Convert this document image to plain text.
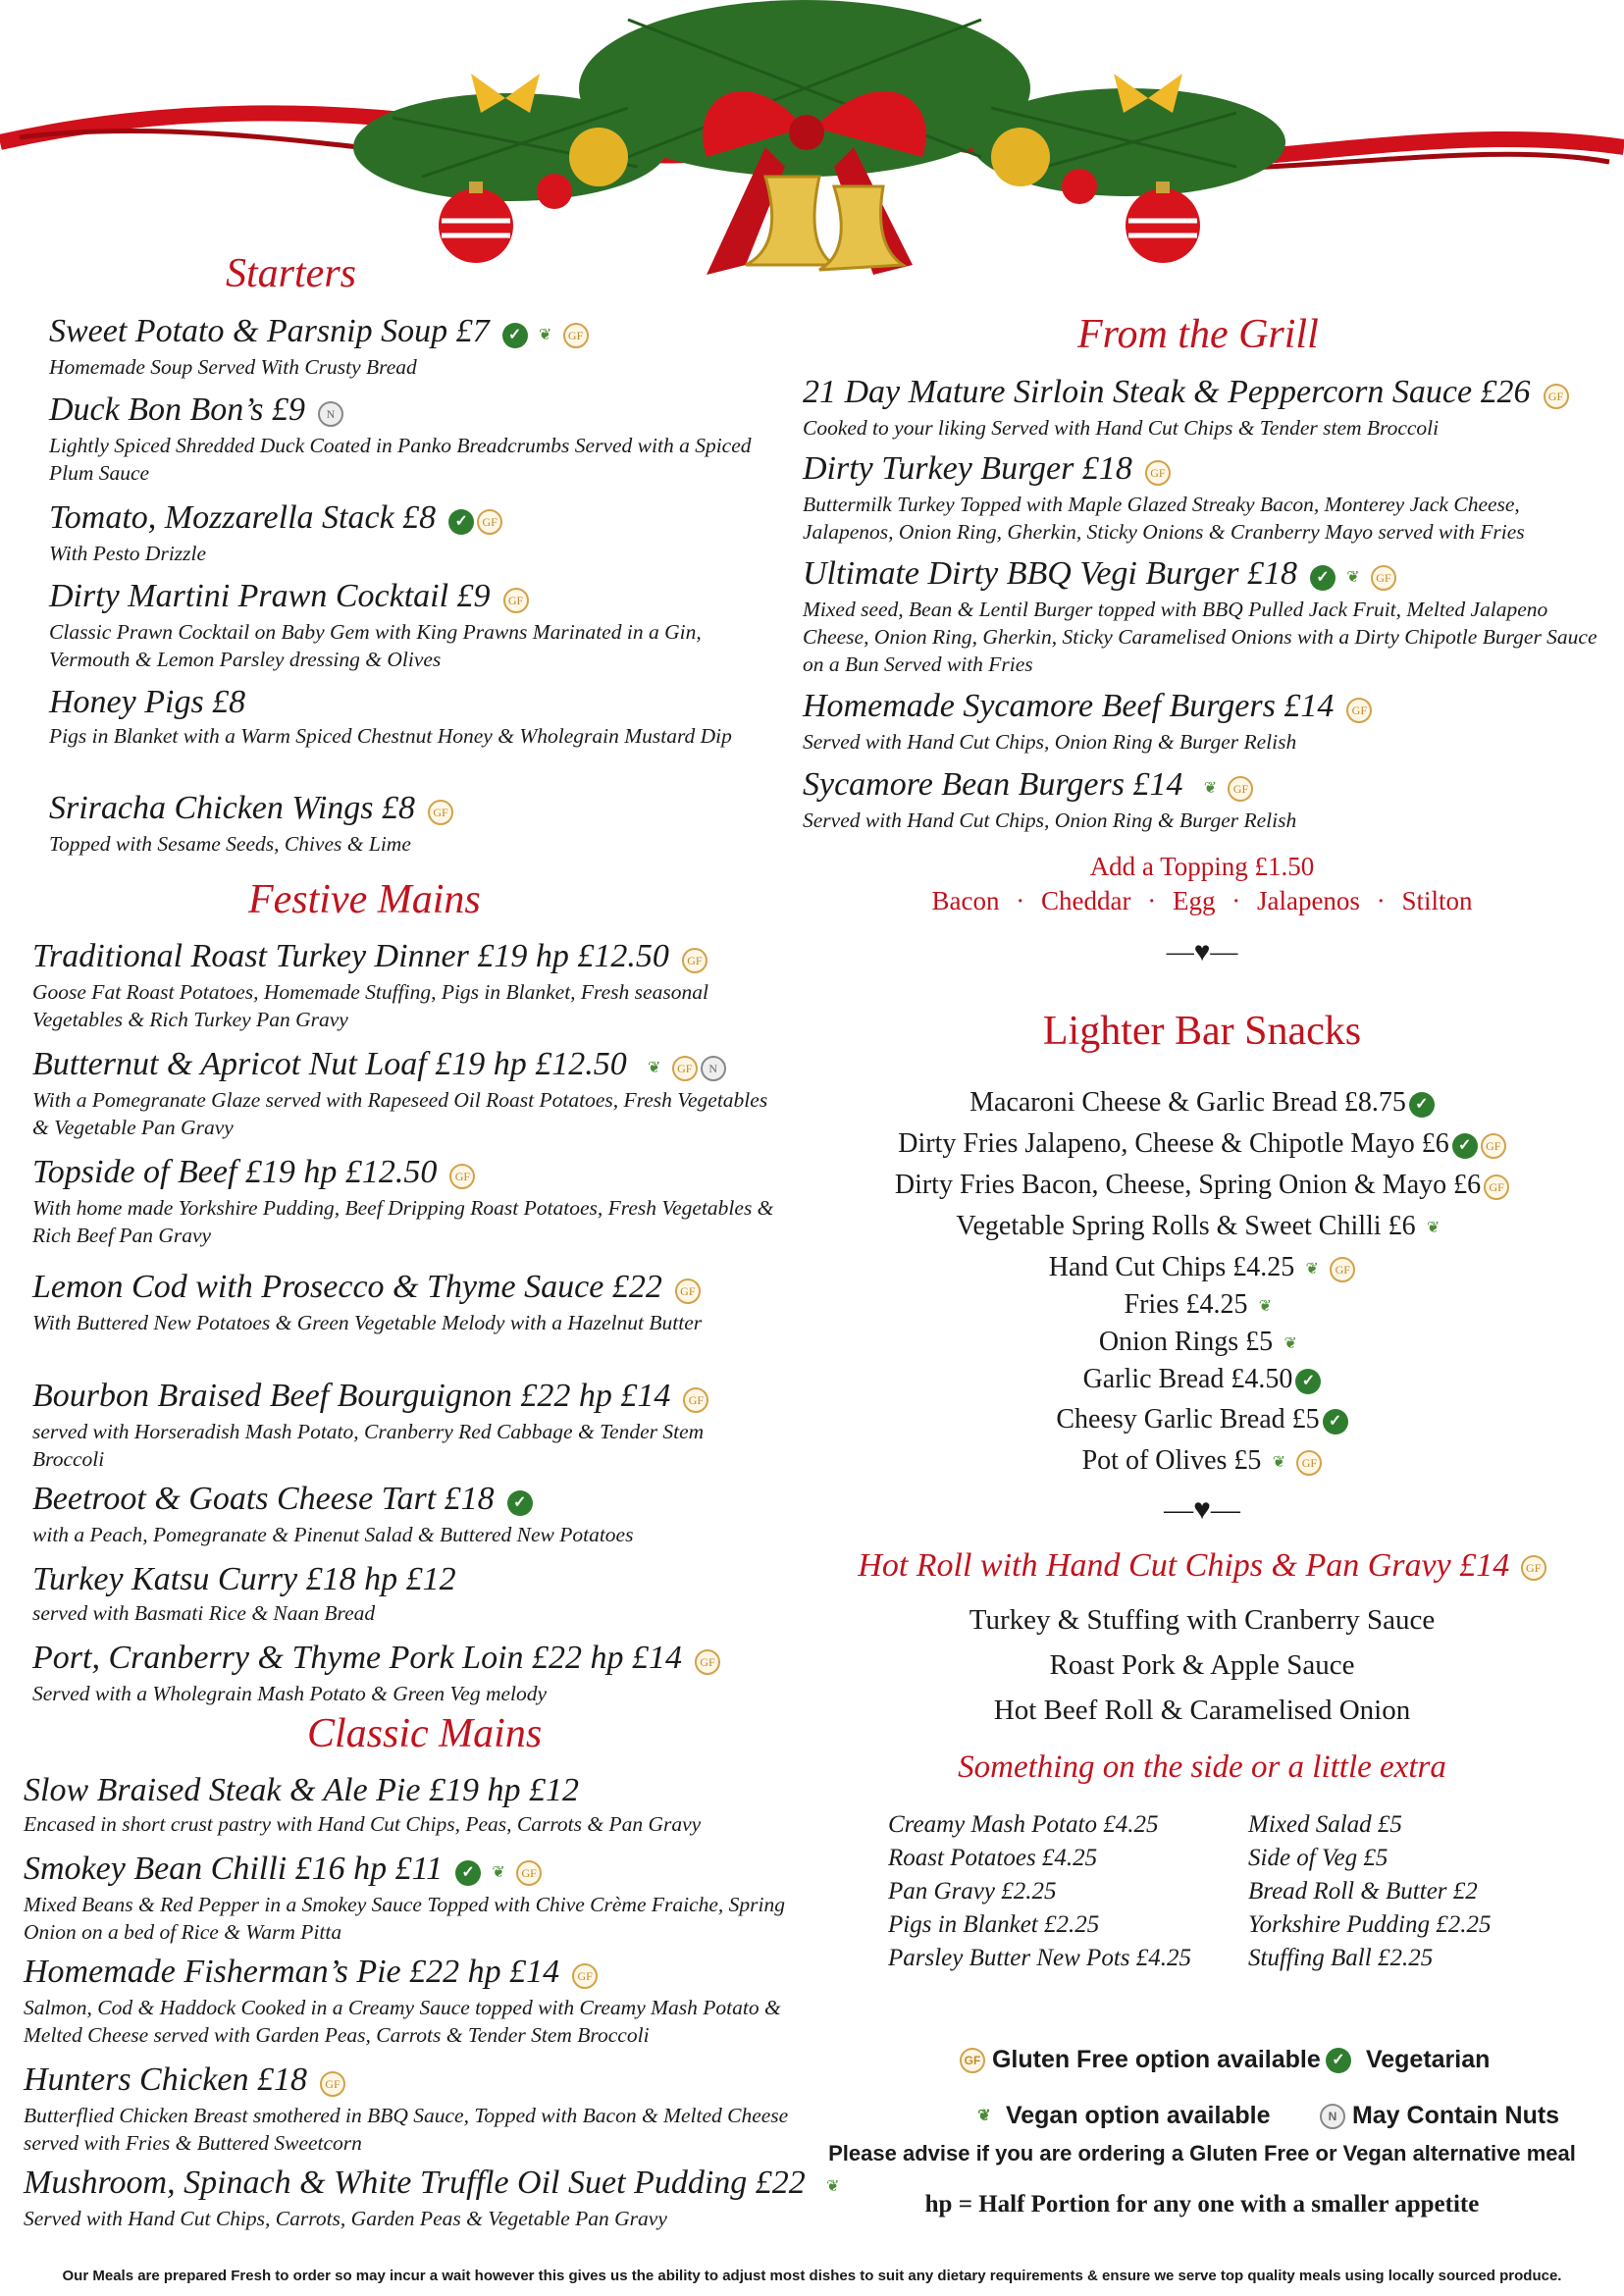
Starters
Sweet Potato & Parsnip Soup £7 ✓ ❦ GF
Homemade Soup Served With Crusty Bread
Duck Bon Bon’s £9 N
Lightly Spiced Shredded Duck Coated in Panko Breadcrumbs Served with a Spiced Plum Sauce
Tomato, Mozzarella Stack £8 ✓ GF
With Pesto Drizzle
Dirty Martini Prawn Cocktail £9 GF
Classic Prawn Cocktail on Baby Gem with King Prawns Marinated in a Gin, Vermouth & Lemon Parsley dressing & Olives
Honey Pigs £8
Pigs in Blanket with a Warm Spiced Chestnut Honey & Wholegrain Mustard Dip
Sriracha Chicken Wings £8 GF
Topped with Sesame Seeds, Chives & Lime
Festive Mains
Traditional Roast Turkey Dinner £19 hp £12.50 GF
Goose Fat Roast Potatoes, Homemade Stuffing, Pigs in Blanket, Fresh seasonal Vegetables & Rich Turkey Pan Gravy
Butternut & Apricot Nut Loaf £19 hp £12.50 ❦ GF N
With a Pomegranate Glaze served with Rapeseed Oil Roast Potatoes, Fresh Vegetables & Vegetable Pan Gravy
Topside of Beef £19 hp £12.50 GF
With home made Yorkshire Pudding, Beef Dripping Roast Potatoes, Fresh Vegetables & Rich Beef Pan Gravy
Lemon Cod with Prosecco & Thyme Sauce £22 GF
With Buttered New Potatoes & Green Vegetable Melody with a Hazelnut Butter
Bourbon Braised Beef Bourguignon £22 hp £14 GF
served with Horseradish Mash Potato, Cranberry Red Cabbage & Tender Stem Broccoli
Beetroot & Goats Cheese Tart £18 ✓
with a Peach, Pomegranate & Pinenut Salad & Buttered New Potatoes
Turkey Katsu Curry £18 hp £12
served with Basmati Rice & Naan Bread
Port, Cranberry & Thyme Pork Loin £22 hp £14 GF
Served with a Wholegrain Mash Potato & Green Veg melody
Classic Mains
Slow Braised Steak & Ale Pie £19 hp £12
Encased in short crust pastry with Hand Cut Chips, Peas, Carrots & Pan Gravy
Smokey Bean Chilli £16 hp £11 ✓ ❦ GF
Mixed Beans & Red Pepper in a Smokey Sauce Topped with Chive Crème Fraiche, Spring Onion on a bed of Rice & Warm Pitta
Homemade Fisherman’s Pie £22 hp £14 GF
Salmon, Cod & Haddock Cooked in a Creamy Sauce topped with Creamy Mash Potato & Melted Cheese served with Garden Peas, Carrots & Tender Stem Broccoli
Hunters Chicken £18 GF
Butterflied Chicken Breast smothered in BBQ Sauce, Topped with Bacon & Melted Cheese served with Fries & Buttered Sweetcorn
Mushroom, Spinach & White Truffle Oil Suet Pudding £22 ❦
Served with Hand Cut Chips, Carrots, Garden Peas & Vegetable Pan Gravy
From the Grill
21 Day Mature Sirloin Steak & Peppercorn Sauce £26 GF
Cooked to your liking Served with Hand Cut Chips & Tender stem Broccoli
Dirty Turkey Burger £18 GF
Buttermilk Turkey Topped with Maple Glazed Streaky Bacon, Monterey Jack Cheese, Jalapenos, Onion Ring, Gherkin, Sticky Onions & Cranberry Mayo served with Fries
Ultimate Dirty BBQ Vegi Burger £18 ✓ ❦ GF
Mixed seed, Bean & Lentil Burger topped with BBQ Pulled Jack Fruit, Melted Jalapeno Cheese, Onion Ring, Gherkin, Sticky Caramelised Onions with a Dirty Chipotle Burger Sauce on a Bun Served with Fries
Homemade Sycamore Beef Burgers £14 GF
Served with Hand Cut Chips, Onion Ring & Burger Relish
Sycamore Bean Burgers £14 ❦ GF
Served with Hand Cut Chips, Onion Ring & Burger Relish
Add a Topping £1.50
Bacon · Cheddar · Egg · Jalapenos · Stilton
—♥—
Lighter Bar Snacks
Macaroni Cheese & Garlic Bread £8.75 ✓
Dirty Fries Jalapeno, Cheese & Chipotle Mayo £6 ✓ GF
Dirty Fries Bacon, Cheese, Spring Onion & Mayo £6 GF
Vegetable Spring Rolls & Sweet Chilli £6 ❦
Hand Cut Chips £4.25 ❦ GF
Fries £4.25 ❦
Onion Rings £5 ❦
Garlic Bread £4.50 ✓
Cheesy Garlic Bread £5 ✓
Pot of Olives £5 ❦ GF
—♥—
Hot Roll with Hand Cut Chips & Pan Gravy £14 GF
Turkey & Stuffing with Cranberry Sauce
Roast Pork & Apple Sauce
Hot Beef Roll & Caramelised Onion
Something on the side or a little extra
Creamy Mash Potato £4.25
Roast Potatoes £4.25
Pan Gravy £2.25
Pigs in Blanket £2.25
Parsley Butter New Pots £4.25
Mixed Salad £5
Side of Veg £5
Bread Roll & Butter £2
Yorkshire Pudding £2.25
Stuffing Ball £2.25
GF Gluten Free option available ✓ Vegetarian
❦ Vegan option available	N May Contain Nuts
Please advise if you are ordering a Gluten Free or Vegan alternative meal
hp = Half Portion for any one with a smaller appetite
Our Meals are prepared Fresh to order so may incur a wait however this gives us the ability to adjust most dishes to suit any dietary requirements & ensure we serve top quality meals using locally sourced produce.
